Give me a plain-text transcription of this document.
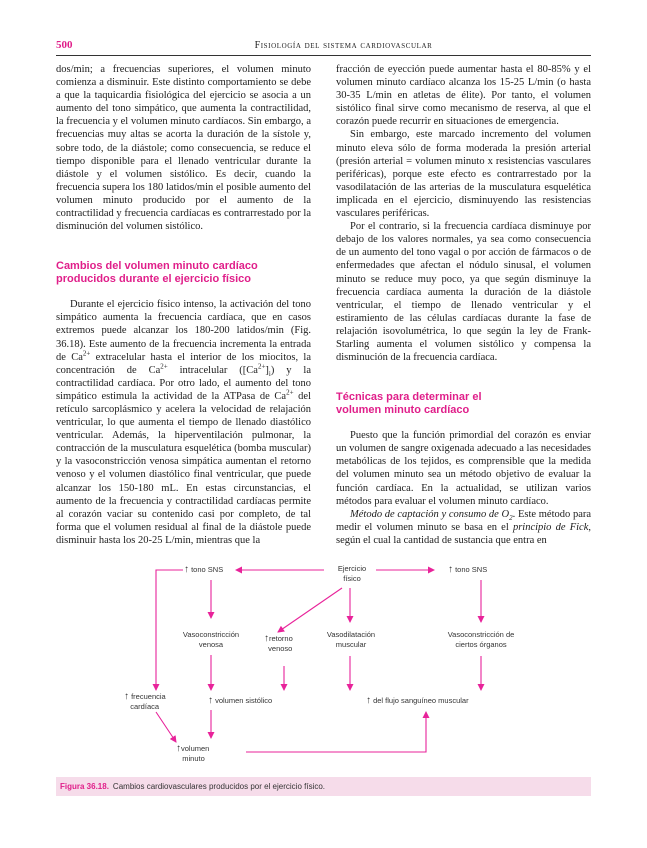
500	Fisiología del sistema cardiovascular

dos/min; a frecuencias superiores, el volumen minuto comienza a disminuir. Este distinto comportamiento se debe a que la taquicardia fisiológica del ejercicio se asocia a un aumento del tono simpático, que aumenta la contractilidad, la frecuencia y el volumen minuto cardíacos. Sin embargo, a frecuencias muy altas se acorta la duración de la sístole y, sobre todo, de la diástole; como consecuencia, se reduce el tiempo disponible para el llenado ventricular durante la diástole y el volumen sistólico. Es decir, cuando la frecuencia supera los 180 latidos/min el posible aumento del volumen minuto producido por el aumento de la contractilidad y frecuencia cardíacas es contrarrestado por la disminución del volumen sistólico.

Cambios del volumen minuto cardíaco
producidos durante el ejercicio físico

Durante el ejercicio físico intenso, la activación del tono simpático aumenta la frecuencia cardíaca, que en casos extremos puede alcanzar los 180-200 latidos/min (Fig. 36.18). Este aumento de la frecuencia incrementa la entrada de $Ca^{2+}$ extracelular hasta el interior de los miocitos, la concentración de $Ca^{2+}$ intracelular $([Ca^{2+}]_i)$ y la contractilidad cardíaca. Por otro lado, el aumento del tono simpático estimula la actividad de la ATPasa de $Ca^{2+}$ del retículo sarcoplásmico y acelera la velocidad de relajación ventricular, lo que aumenta el tiempo de llenado diastólico ventricular. Además, la hiperventilación pulmonar, la contracción de la musculatura esquelética (bomba muscular) y la vasoconstricción venosa simpática aumentan el retorno venoso y el volumen diastólico final ventricular, que puede alcanzar los 150-180 mL. En estas circunstancias, el aumento de la frecuencia y contractilidad cardíacas permite al corazón vaciar su contenido casi por completo, de tal forma que el volumen residual al final de la diástole puede disminuir hasta los 20-25 L/min, mientras que la

fracción de eyección puede aumentar hasta el 80-85% y el volumen minuto cardíaco alcanza los 15-25 L/min (o hasta 30-35 L/min en atletas de élite). Por tanto, el volumen sistólico final sirve como mecanismo de reserva, al que el corazón puede recurrir en situaciones de emergencia.

Sin embargo, este marcado incremento del volumen minuto eleva sólo de forma moderada la presión arterial (presión arterial = volumen minuto x resistencias vasculares periféricas), porque este efecto es contrarrestado por la vasodilatación de las arterias de la musculatura esquelética implicada en el ejercicio, disminuyendo las resistencias vasculares periféricas.

Por el contrario, si la frecuencia cardíaca disminuye por debajo de los valores normales, ya sea como consecuencia de un aumento del tono vagal o por acción de fármacos o de enfermedades que afectan el nódulo sinusal, el volumen minuto se reduce muy poco, ya que según disminuye la frecuencia cardíaca aumenta la duración de la diástole ventricular, el tiempo de llenado ventricular y el estiramiento de las células cardíacas durante la fase de relajación isovolumétrica, lo que según la ley de Frank-Starling aumenta el volumen sistólico y compensa la disminución de la frecuencia cardíaca.

Técnicas para determinar el
volumen minuto cardíaco

Puesto que la función primordial del corazón es enviar un volumen de sangre oxigenada adecuado a las necesidades metabólicas de los tejidos, es comprensible que la medida del volumen minuto sea un método objetivo de evaluar la función cardíaca. En la actualidad, se utilizan varios métodos para evaluar el volumen minuto cardíaco.

Método de captación y consumo de $O_2$. Este método para medir el volumen minuto se basa en el principio de Fick, según el cual la cantidad de sustancia que entra en

Ejercicio
físico
↑ tono SNS	↑ tono SNS
Vasoconstricción
venosa	↑retorno
venoso
Vasodilatación
muscular
Vasoconstricción de
ciertos órganos
↑ frecuencia
cardíaca	↑ volumen sistólico	↑ del flujo sanguíneo muscular
↑volumen
minuto
Figura 36.18. Cambios cardiovasculares producidos por el ejercicio físico.
